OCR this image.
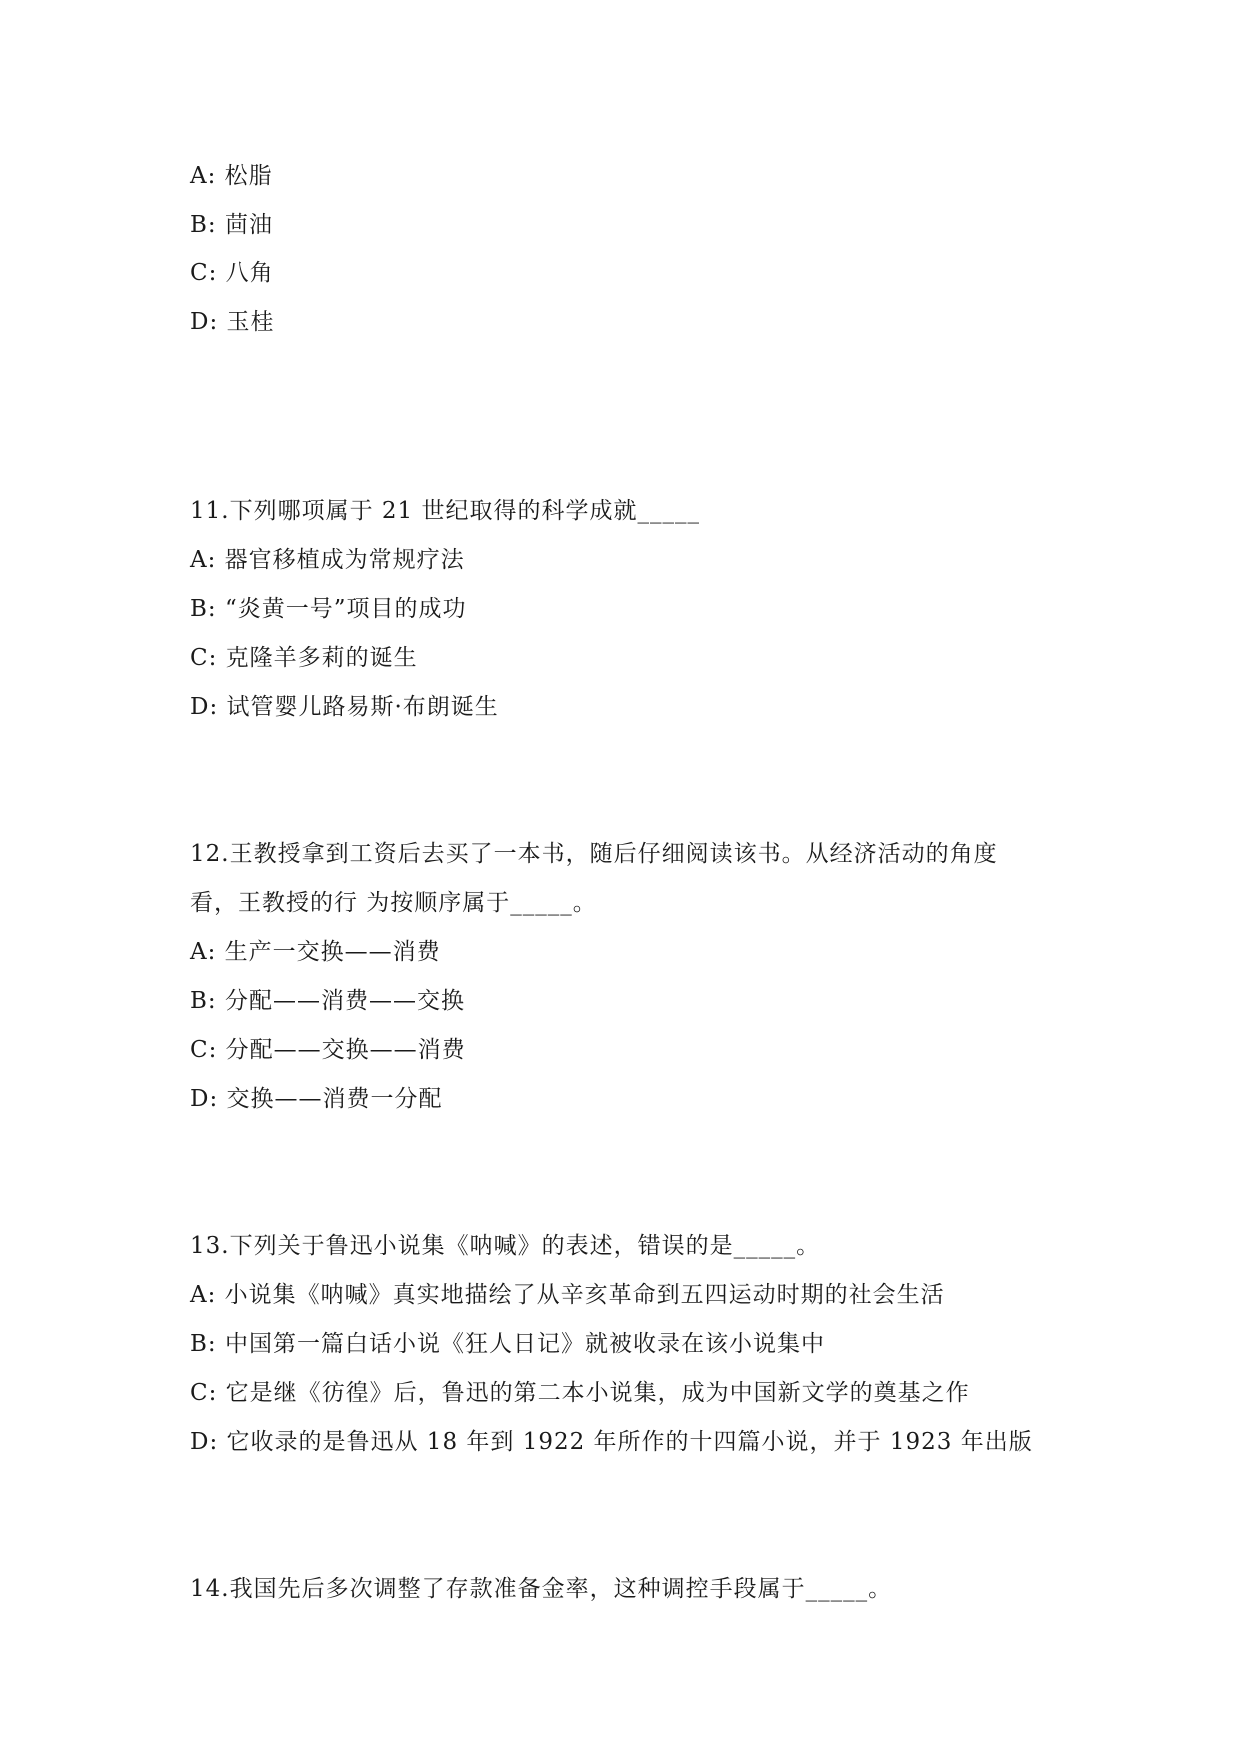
A: 松脂
B: 茴油
C: 八角
D: 玉桂
11.下列哪项属于 21 世纪取得的科学成就_____
A: 器官移植成为常规疗法
B: “炎黄一号”项目的成功
C: 克隆羊多莉的诞生
D: 试管婴儿路易斯·布朗诞生
12.王教授拿到工资后去买了一本书，随后仔细阅读该书。从经济活动的角度
看，王教授的行 为按顺序属于_____。
A: 生产一交换——消费
B: 分配——消费——交换
C: 分配——交换——消费
D: 交换——消费一分配
13.下列关于鲁迅小说集《呐喊》的表述，错误的是_____。
A: 小说集《呐喊》真实地描绘了从辛亥革命到五四运动时期的社会生活
B: 中国第一篇白话小说《狂人日记》就被收录在该小说集中
C: 它是继《彷徨》后，鲁迅的第二本小说集，成为中国新文学的奠基之作
D: 它收录的是鲁迅从 18 年到 1922 年所作的十四篇小说，并于 1923 年出版
14.我国先后多次调整了存款准备金率，这种调控手段属于_____。
